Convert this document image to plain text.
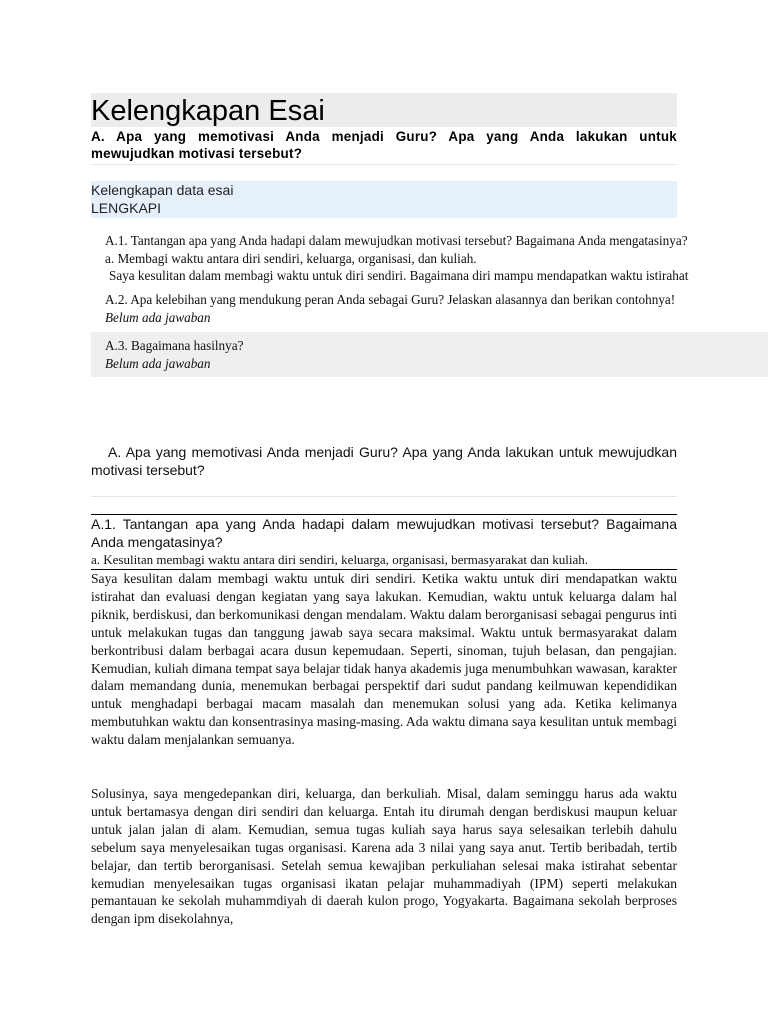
Kelengkapan Esai
A. Apa yang memotivasi Anda menjadi Guru? Apa yang Anda lakukan untuk mewujudkan motivasi tersebut?
Kelengkapan data esai
LENGKAPI
A.1. Tantangan apa yang Anda hadapi dalam mewujudkan motivasi tersebut? Bagaimana Anda mengatasinya?
a. Membagi waktu antara diri sendiri, keluarga, organisasi, dan kuliah.
Saya kesulitan dalam membagi waktu untuk diri sendiri. Bagaimana diri mampu mendapatkan waktu istirahat
A.2. Apa kelebihan yang mendukung peran Anda sebagai Guru? Jelaskan alasannya dan berikan contohnya!
Belum ada jawaban
A.3. Bagaimana hasilnya?
Belum ada jawaban
A. Apa yang memotivasi Anda menjadi Guru? Apa yang Anda lakukan untuk mewujudkan motivasi tersebut?
A.1. Tantangan apa yang Anda hadapi dalam mewujudkan motivasi tersebut? Bagaimana Anda mengatasinya?
a. Kesulitan membagi waktu antara diri sendiri, keluarga, organisasi, bermasyarakat dan kuliah.
Saya kesulitan dalam membagi waktu untuk diri sendiri. Ketika waktu untuk diri mendapatkan waktu istirahat dan evaluasi dengan kegiatan yang saya lakukan. Kemudian, waktu untuk keluarga dalam hal piknik, berdiskusi, dan berkomunikasi dengan mendalam. Waktu dalam berorganisasi sebagai pengurus inti untuk melakukan tugas dan tanggung jawab saya secara maksimal. Waktu untuk bermasyarakat dalam berkontribusi dalam berbagai acara dusun kepemudaan. Seperti, sinoman, tujuh belasan, dan pengajian. Kemudian, kuliah dimana tempat saya belajar tidak hanya akademis juga menumbuhkan wawasan, karakter dalam memandang dunia, menemukan berbagai perspektif dari sudut pandang keilmuwan kependidikan untuk menghadapi berbagai macam masalah dan menemukan solusi yang ada. Ketika kelimanya membutuhkan waktu dan konsentrasinya masing-masing. Ada waktu dimana saya kesulitan untuk membagi waktu dalam menjalankan semuanya.
Solusinya, saya mengedepankan diri, keluarga, dan berkuliah. Misal, dalam seminggu harus ada waktu untuk bertamasya dengan diri sendiri dan keluarga. Entah itu dirumah dengan berdiskusi maupun keluar untuk jalan jalan di alam. Kemudian, semua tugas kuliah saya harus saya selesaikan terlebih dahulu sebelum saya menyelesaikan tugas organisasi. Karena ada 3 nilai yang saya anut. Tertib beribadah, tertib belajar, dan tertib berorganisasi. Setelah semua kewajiban perkuliahan selesai maka istirahat sebentar kemudian menyelesaikan tugas organisasi ikatan pelajar muhammadiyah (IPM) seperti melakukan pemantauan ke sekolah muhammdiyah di daerah kulon progo, Yogyakarta. Bagaimana sekolah berproses dengan ipm disekolahnya,
